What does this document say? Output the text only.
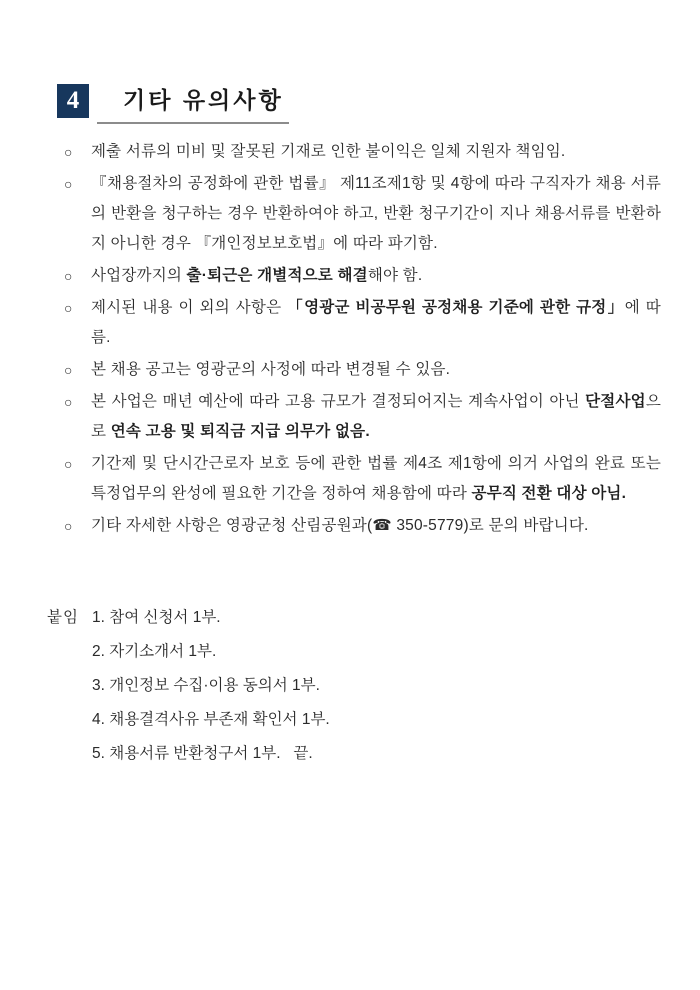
4 기타 유의사항
○	제출 서류의 미비 및 잘못된 기재로 인한 불이익은 일체 지원자 책임임.
○	『채용절차의 공정화에 관한 법률』 제11조제1항 및 4항에 따라 구직자가 채용 서류의 반환을 청구하는 경우 반환하여야 하고, 반환 청구기간이 지나 채용서류를 반환하지 아니한 경우 『개인정보보호법』에 따라 파기함.
○	사업장까지의 출·퇴근은 개별적으로 해결해야 함.
○	제시된 내용 이 외의 사항은 「영광군 비공무원 공정채용 기준에 관한 규정」에 따름.
○	본 채용 공고는 영광군의 사정에 따라 변경될 수 있음.
○	본 사업은 매년 예산에 따라 고용 규모가 결정되어지는 계속사업이 아닌 단절사업으로 연속 고용 및 퇴직금 지급 의무가 없음.
○	기간제 및 단시간근로자 보호 등에 관한 법률 제4조 제1항에 의거 사업의 완료 또는 특정업무의 완성에 필요한 기간을 정하여 채용함에 따라 공무직 전환 대상 아님.
○	기타 자세한 사항은 영광군청 산림공원과(☎ 350-5779)로 문의 바랍니다.
붙임 1. 참여 신청서 1부.
2. 자기소개서 1부.
3. 개인정보 수집·이용 동의서 1부.
4. 채용결격사유 부존재 확인서 1부.
5. 채용서류 반환청구서 1부.   끝.
